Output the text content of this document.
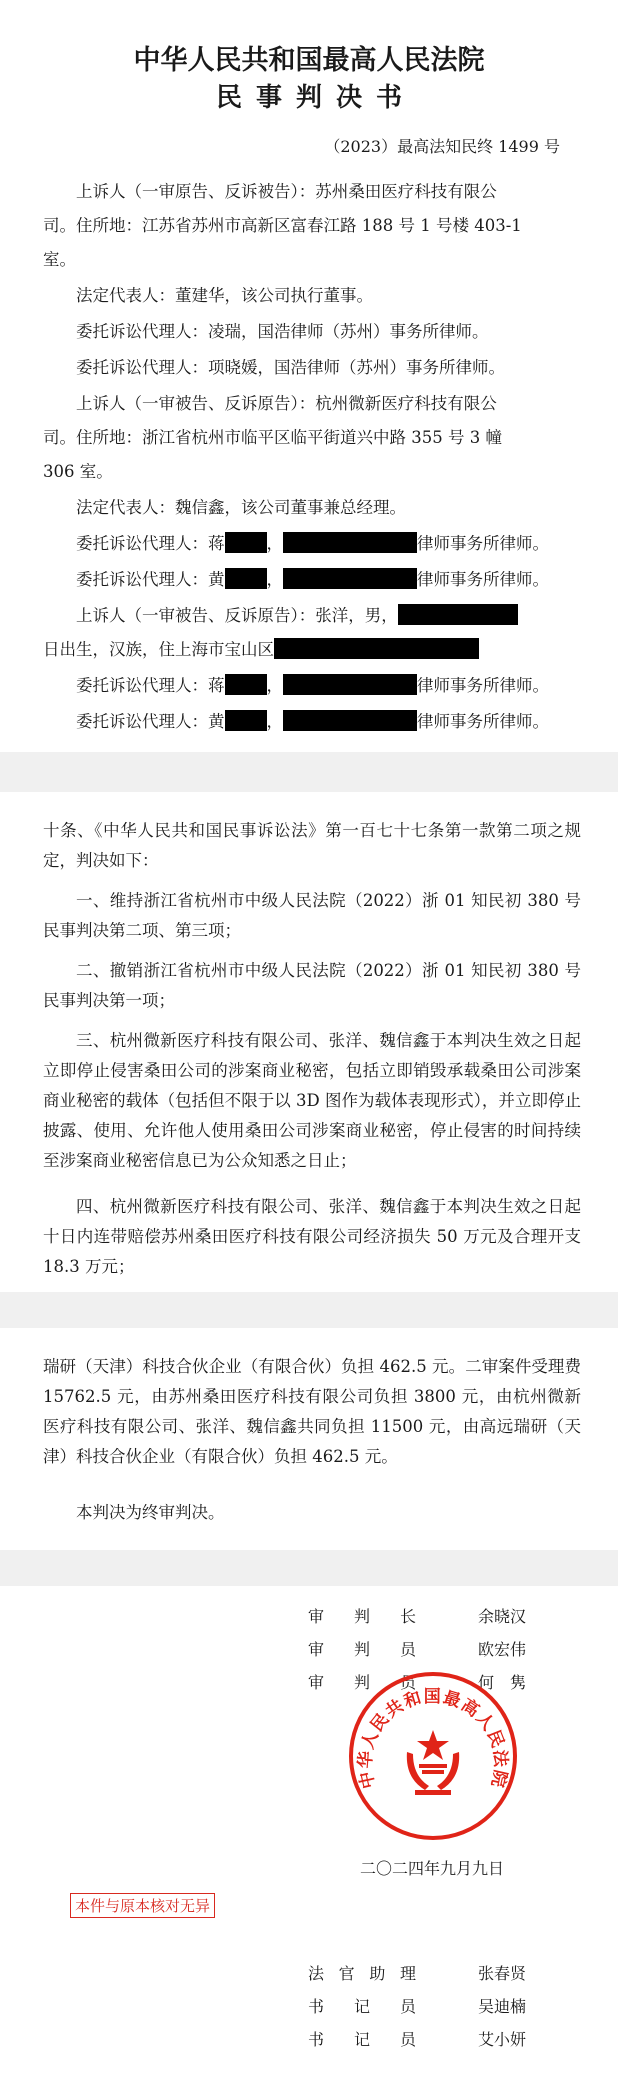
中华人民共和国最高人民法院
民事判决书
（2023）最高法知民终 1499 号
上诉人（一审原告、反诉被告）：苏州桑田医疗科技有限公
司。住所地：江苏省苏州市高新区富春江路 188 号 1 号楼 403-1
室。
法定代表人：董建华，该公司执行董事。
委托诉讼代理人：凌瑞，国浩律师（苏州）事务所律师。
委托诉讼代理人：项晓媛，国浩律师（苏州）事务所律师。
上诉人（一审被告、反诉原告）：杭州微新医疗科技有限公
司。住所地：浙江省杭州市临平区临平街道兴中路 355 号 3 幢
306 室。
法定代表人：魏信鑫，该公司董事兼总经理。
委托诉讼代理人：蒋	，	律师事务所律师。
委托诉讼代理人：黄	，	律师事务所律师。
上诉人（一审被告、反诉原告）：张洋，男，
日出生，汉族，住上海市宝山区
委托诉讼代理人：蒋	，	律师事务所律师。
委托诉讼代理人：黄	，	律师事务所律师。
十条、《中华人民共和国民事诉讼法》第一百七十七条第一款第二项之规定，判决如下：
一、维持浙江省杭州市中级人民法院（2022）浙 01 知民初 380 号民事判决第二项、第三项；
二、撤销浙江省杭州市中级人民法院（2022）浙 01 知民初 380 号民事判决第一项；
三、杭州微新医疗科技有限公司、张洋、魏信鑫于本判决生效之日起立即停止侵害桑田公司的涉案商业秘密，包括立即销毁承载桑田公司涉案商业秘密的载体（包括但不限于以 3D 图作为载体表现形式），并立即停止披露、使用、允许他人使用桑田公司涉案商业秘密，停止侵害的时间持续至涉案商业秘密信息已为公众知悉之日止；
四、杭州微新医疗科技有限公司、张洋、魏信鑫于本判决生效之日起十日内连带赔偿苏州桑田医疗科技有限公司经济损失 50 万元及合理开支 18.3 万元；
瑞研（天津）科技合伙企业（有限合伙）负担 462.5 元。二审案件受理费 15762.5 元，由苏州桑田医疗科技有限公司负担 3800 元，由杭州微新医疗科技有限公司、张洋、魏信鑫共同负担 11500 元，由高远瑞研（天津）科技合伙企业（有限合伙）负担 462.5 元。
本判决为终审判决。
审 判 长	余晓汉
审 判 员	欧宏伟
审 判 员	何　隽
中华人民共和国最高人民法院
二〇二四年九月九日
本件与原本核对无异
法 官 助 理	张春贤
书 记 员	吴迪楠
书 记 员	艾小妍
